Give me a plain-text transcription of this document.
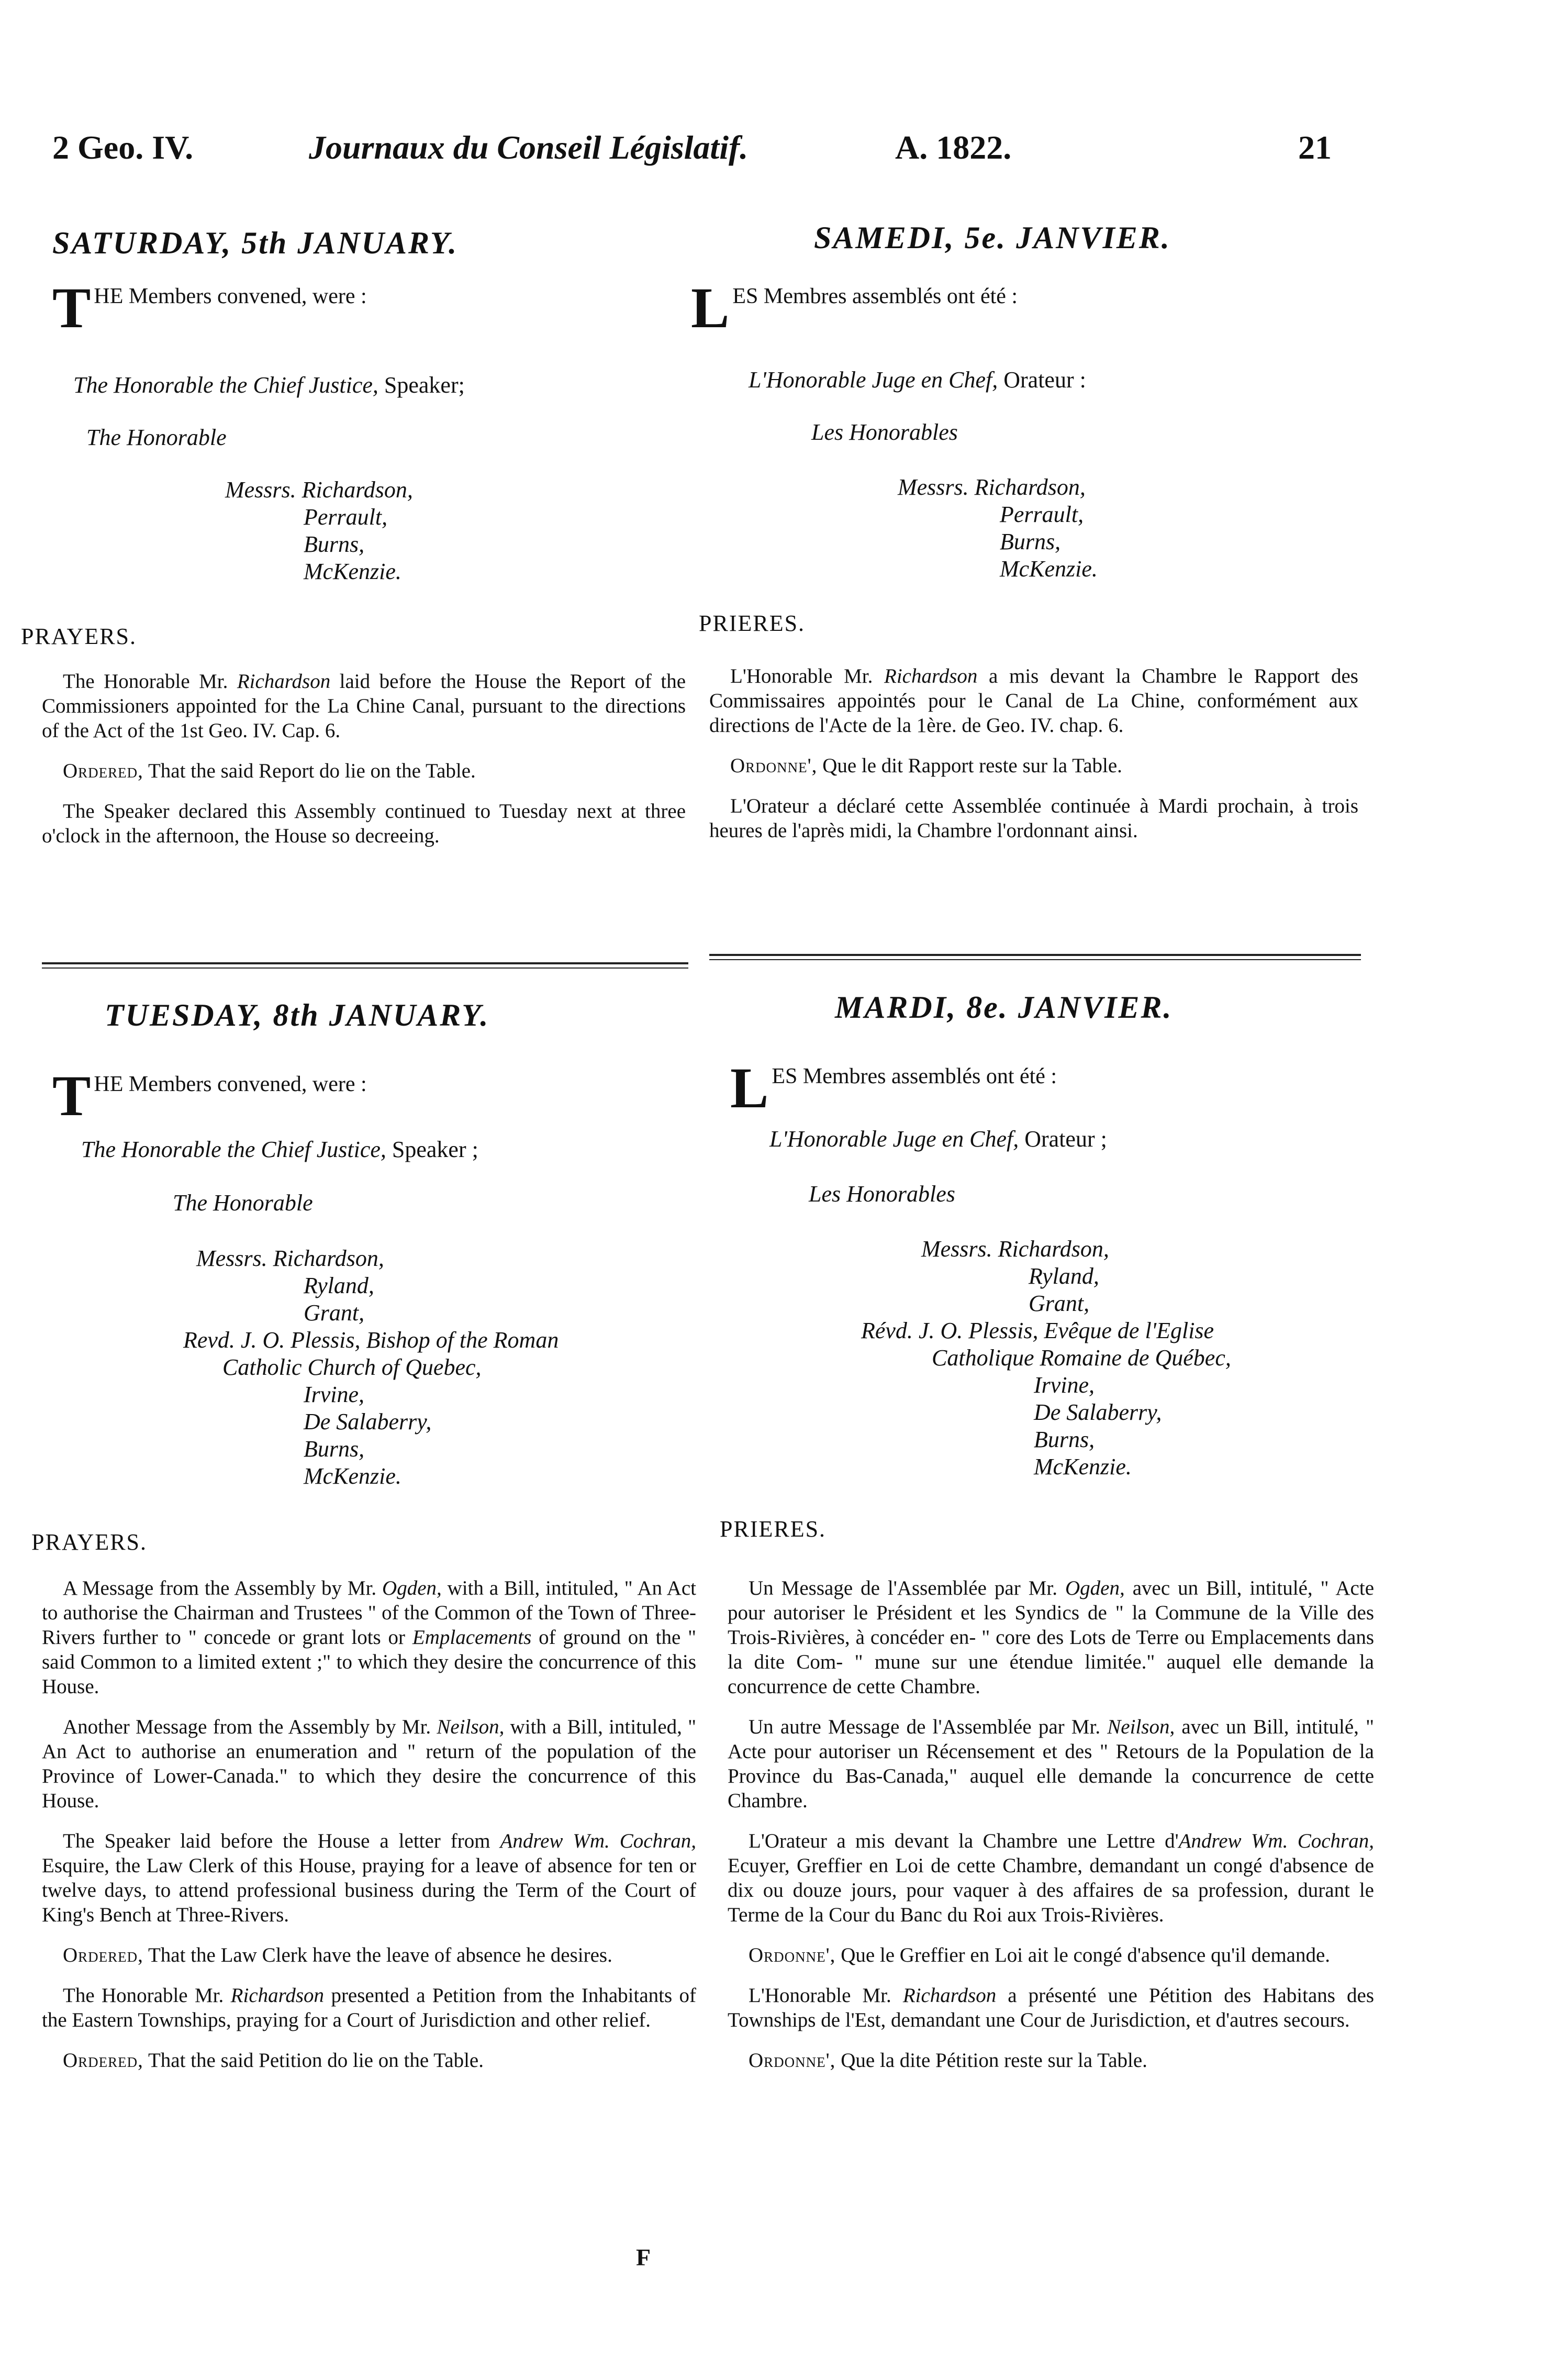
2 Geo. IV.	Journaux du Conseil Législatif.	A. 1822.	21
SATURDAY, 5th JANUARY.
THE Members convened, were :
The Honorable the Chief Justice, Speaker;
The Honorable
Messrs. Richardson,
Perrault,
Burns,
McKenzie.
PRAYERS.

The Honorable Mr. Richardson laid before the House the Report of the Commissioners appointed for the La Chine Canal, pursuant to the directions of the Act of the 1st Geo. IV. Cap. 6.

Ordered, That the said Report do lie on the Table.

The Speaker declared this Assembly continued to Tuesday next at three o'clock in the afternoon, the House so decreeing.

SAMEDI, 5e. JANVIER.
LES Membres assemblés ont été :
L'Honorable Juge en Chef, Orateur :
Les Honorables
Messrs. Richardson,
Perrault,
Burns,
McKenzie.
PRIERES.

L'Honorable Mr. Richardson a mis devant la Chambre le Rapport des Commissaires appointés pour le Canal de La Chine, conformément aux directions de l'Acte de la 1ère. de Geo. IV. chap. 6.

Ordonne', Que le dit Rapport reste sur la Table.

L'Orateur a déclaré cette Assemblée continuée à Mardi prochain, à trois heures de l'après midi, la Chambre l'ordonnant ainsi.

TUESDAY, 8th JANUARY.
THE Members convened, were :
The Honorable the Chief Justice, Speaker ;
The Honorable
Messrs. Richardson,
Ryland,
Grant,
Revd. J. O. Plessis, Bishop of the Roman
Catholic Church of Quebec,
Irvine,
De Salaberry,
Burns,
McKenzie.
PRAYERS.

A Message from the Assembly by Mr. Ogden, with a Bill, intituled, " An Act to authorise the Chairman and Trustees " of the Common of the Town of Three-Rivers further to " concede or grant lots or Emplacements of ground on the " said Common to a limited extent ;" to which they desire the concurrence of this House.

Another Message from the Assembly by Mr. Neilson, with a Bill, intituled, " An Act to authorise an enumeration and " return of the population of the Province of Lower-Canada." to which they desire the concurrence of this House.

The Speaker laid before the House a letter from Andrew Wm. Cochran, Esquire, the Law Clerk of this House, praying for a leave of absence for ten or twelve days, to attend professional business during the Term of the Court of King's Bench at Three-Rivers.

Ordered, That the Law Clerk have the leave of absence he desires.

The Honorable Mr. Richardson presented a Petition from the Inhabitants of the Eastern Townships, praying for a Court of Jurisdiction and other relief.

Ordered, That the said Petition do lie on the Table.

MARDI, 8e. JANVIER.
LES Membres assemblés ont été :
L'Honorable Juge en Chef, Orateur ;
Les Honorables
Messrs. Richardson,
Ryland,
Grant,
Révd. J. O. Plessis, Evêque de l'Eglise
Catholique Romaine de Québec,
Irvine,
De Salaberry,
Burns,
McKenzie.
PRIERES.

Un Message de l'Assemblée par Mr. Ogden, avec un Bill, intitulé, " Acte pour autoriser le Président et les Syndics de " la Commune de la Ville des Trois-Rivières, à concéder en- " core des Lots de Terre ou Emplacements dans la dite Com- " mune sur une étendue limitée." auquel elle demande la concurrence de cette Chambre.

Un autre Message de l'Assemblée par Mr. Neilson, avec un Bill, intitulé, " Acte pour autoriser un Récensement et des " Retours de la Population de la Province du Bas-Canada," auquel elle demande la concurrence de cette Chambre.

L'Orateur a mis devant la Chambre une Lettre d'Andrew Wm. Cochran, Ecuyer, Greffier en Loi de cette Chambre, demandant un congé d'absence de dix ou douze jours, pour vaquer à des affaires de sa profession, durant le Terme de la Cour du Banc du Roi aux Trois-Rivières.

Ordonne', Que le Greffier en Loi ait le congé d'absence qu'il demande.

L'Honorable Mr. Richardson a présenté une Pétition des Habitans des Townships de l'Est, demandant une Cour de Jurisdiction, et d'autres secours.

Ordonne', Que la dite Pétition reste sur la Table.

F
